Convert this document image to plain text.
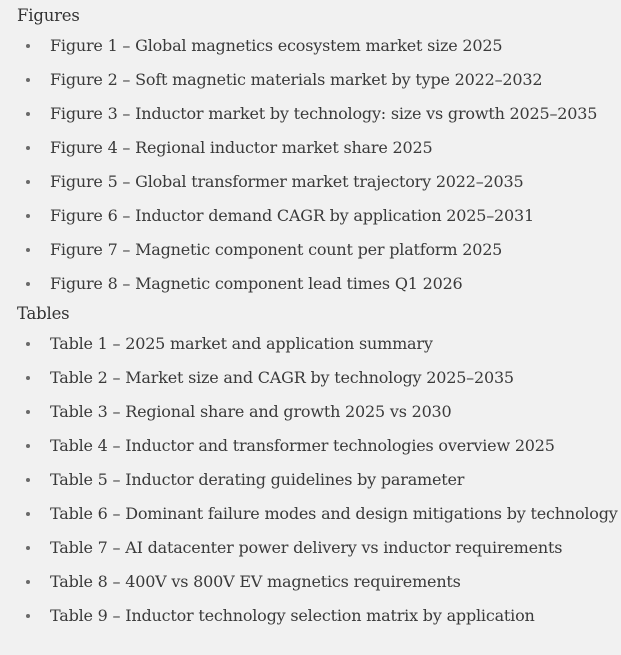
Figures
Figure 1 – Global magnetics ecosystem market size 2025
Figure 2 – Soft magnetic materials market by type 2022–2032
Figure 3 – Inductor market by technology: size vs growth 2025–2035
Figure 4 – Regional inductor market share 2025
Figure 5 – Global transformer market trajectory 2022–2035
Figure 6 – Inductor demand CAGR by application 2025–2031
Figure 7 – Magnetic component count per platform 2025
Figure 8 – Magnetic component lead times Q1 2026
Tables
Table 1 – 2025 market and application summary
Table 2 – Market size and CAGR by technology 2025–2035
Table 3 – Regional share and growth 2025 vs 2030
Table 4 – Inductor and transformer technologies overview 2025
Table 5 – Inductor derating guidelines by parameter
Table 6 – Dominant failure modes and design mitigations by technology
Table 7 – AI datacenter power delivery vs inductor requirements
Table 8 – 400V vs 800V EV magnetics requirements
Table 9 – Inductor technology selection matrix by application
